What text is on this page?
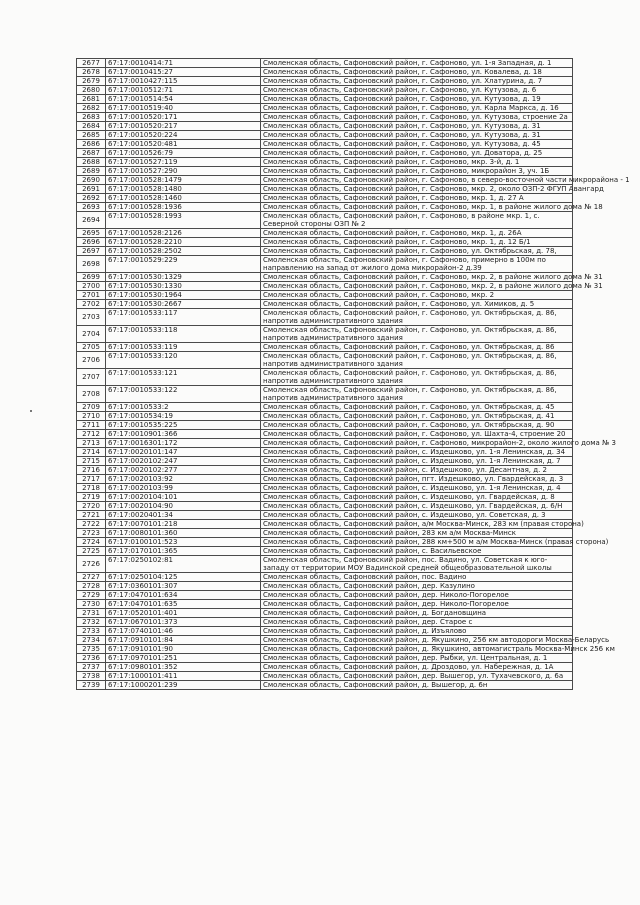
2677	67:17:0010414:71	Смоленская область, Сафоновский район, г. Сафоново, ул. 1-я Западная, д. 1
2678	67:17:0010415:27	Смоленская область, Сафоновский район, г. Сафоново, ул. Ковалева, д. 18
2679	67:17:0010427:115	Смоленская область, Сафоновский район, г. Сафоново, ул. Хлатурина, д. 7
2680	67:17:0010512:71	Смоленская область, Сафоновский район, г. Сафоново, ул. Кутузова, д. 6
2681	67:17:0010514:54	Смоленская область, Сафоновский район, г. Сафоново, ул. Кутузова, д. 19
2682	67:17:0010519:40	Смоленская область, Сафоновский район, г. Сафоново, ул. Карла Маркса, д. 16
2683	67:17:0010520:171	Смоленская область, Сафоновский район, г. Сафоново, ул. Кутузова, строение 2а
2684	67:17:0010520:217	Смоленская область, Сафоновский район, г. Сафоново, ул. Кутузова, д. 31
2685	67:17:0010520:224	Смоленская область, Сафоновский район, г. Сафоново, ул. Кутузова, д. 31
2686	67:17:0010520:481	Смоленская область, Сафоновский район, г. Сафоново, ул. Кутузова, д. 45
2687	67:17:0010526:79	Смоленская область, Сафоновский район, г. Сафоново, ул. Доватора, д. 25
2688	67:17:0010527:119	Смоленская область, Сафоновский район, г. Сафоново, мкр. 3-й, д. 1
2689	67:17:0010527:290	Смоленская область, Сафоновский район, г. Сафоново, микрорайон 3, уч. 1Б
2690	67:17:0010528:1479	Смоленская область, Сафоновский район, г. Сафоново, в северо-восточной части микрорайона - 1
2691	67:17:0010528:1480	Смоленская область, Сафоновский район, г. Сафоново, мкр. 2, около ОЗП-2 ФГУП Авангард
2692	67:17:0010528:1460	Смоленская область, Сафоновский район, г. Сафоново, мкр. 1, д. 27 А
2693	67:17:0010528:1936	Смоленская область, Сафоновский район, г. Сафоново, мкр. 1, в районе жилого дома № 18
2694	67:17:0010528:1993	Смоленская область, Сафоновский район, г. Сафоново, в районе мкр. 1, с. Северной стороны ОЗП № 2
2695	67:17:0010528:2126	Смоленская область, Сафоновский район, г. Сафоново, мкр. 1, д. 26А
2696	67:17:0010528:2210	Смоленская область, Сафоновский район, г. Сафоново, мкр. 1, д. 12 Б/1
2697	67:17:0010528:2502	Смоленская область, Сафоновский район, г. Сафоново, ул. Октябрьская, д. 78,
2698	67:17:0010529:229	Смоленская область, Сафоновский район, г. Сафоново, примерно в 100м по направлению на запад от жилого дома микрорайон-2 д.39
2699	67:17:0010530:1329	Смоленская область, Сафоновский район, г. Сафоново, мкр. 2, в районе жилого дома № 31
2700	67:17:0010530:1330	Смоленская область, Сафоновский район, г. Сафоново, мкр. 2, в районе жилого дома № 31
2701	67:17:0010530:1964	Смоленская область, Сафоновский район, г. Сафоново, мкр. 2
2702	67:17:0010530:2667	Смоленская область, Сафоновский район, г. Сафоново, ул. Химиков, д. 5
2703	67:17:0010533:117	Смоленская область, Сафоновский район, г. Сафоново, ул. Октябрьская, д. 86, напротив административного здания
2704	67:17:0010533:118	Смоленская область, Сафоновский район, г. Сафоново, ул. Октябрьская, д. 86, напротив административного здания
2705	67:17:0010533:119	Смоленская область, Сафоновский район, г. Сафоново, ул. Октябрьская, д. 86
2706	67:17:0010533:120	Смоленская область, Сафоновский район, г. Сафоново, ул. Октябрьская, д. 86, напротив административного здания
2707	67:17:0010533:121	Смоленская область, Сафоновский район, г. Сафоново, ул. Октябрьская, д. 86, напротив административного здания
2708	67:17:0010533:122	Смоленская область, Сафоновский район, г. Сафоново, ул. Октябрьская, д. 86, напротив административного здания
2709	67:17:0010533:2	Смоленская область, Сафоновский район, г. Сафоново, ул. Октябрьская, д. 45
2710	67:17:0010534:19	Смоленская область, Сафоновский район, г. Сафоново, ул. Октябрьская, д. 41
2711	67:17:0010535:225	Смоленская область, Сафоновский район, г. Сафоново, ул. Октябрьская, д. 90
2712	67:17:0010901:366	Смоленская область, Сафоновский район, г. Сафоново, ул. Шахта-4, строение 20
2713	67:17:0016301:172	Смоленская область, Сафоновский район, г. Сафоново, микрорайон-2, около жилого дома № 3
2714	67:17:0020101:147	Смоленская область, Сафоновский район, с. Издешково, ул. 1-я Ленинская, д. 34
2715	67:17:0020102:247	Смоленская область, Сафоновский район, с. Издешково, ул. 1-я Ленинская, д. 7
2716	67:17:0020102:277	Смоленская область, Сафоновский район, с. Издешково, ул. Десантная, д. 2
2717	67:17:0020103:92	Смоленская область, Сафоновский район, пгт. Издешково, ул. Гвардейская, д. 3
2718	67:17:0020103:99	Смоленская область, Сафоновский район, с. Издешково, ул. 1-я Ленинская, д. 4
2719	67:17:0020104:101	Смоленская область, Сафоновский район, с. Издешково, ул. Гвардейская, д. 8
2720	67:17:0020104:90	Смоленская область, Сафоновский район, с. Издешково, ул. Гвардейская, д. 6/Н
2721	67:17:0020401:34	Смоленская область, Сафоновский район, с. Издешково, ул. Советская, д. 3
2722	67:17:0070101:218	Смоленская область, Сафоновский район, а/м Москва-Минск, 283 км (правая сторона)
2723	67:17:0080101:360	Смоленская область, Сафоновский район, 283 км а/м Москва-Минск
2724	67:17:0100101:523	Смоленская область, Сафоновский район, 288 км+500 м а/м Москва-Минск (правая сторона)
2725	67:17:0170101:365	Смоленская область, Сафоновский район, с. Васильевское
2726	67:17:0250102:81	Смоленская область, Сафоновский район, пос. Вадино, ул. Советская к юго-западу от территории МОУ Вадинской средней общеобразовательной школы
2727	67:17:0250104:125	Смоленская область, Сафоновский район, пос. Вадино
2728	67:17:0360101:307	Смоленская область, Сафоновский район, дер. Казулино
2729	67:17:0470101:634	Смоленская область, Сафоновский район, дер. Николо-Погорелое
2730	67:17:0470101:635	Смоленская область, Сафоновский район, дер. Николо-Погорелое
2731	67:17:0520101:401	Смоленская область, Сафоновский район, д. Богдановщина
2732	67:17:0670101:373	Смоленская область, Сафоновский район, дер. Старое с
2733	67:17:0740101:46	Смоленская область, Сафоновский район, д. Изъялово
2734	67:17:0910101:84	Смоленская область, Сафоновский район, д. Якушкино, 256 км автодороги Москва-Беларусь
2735	67:17:0910101:90	Смоленская область, Сафоновский район, д. Якушкино, автомагистраль Москва-Минск 256 км
2736	67:17:0970101:251	Смоленская область, Сафоновский район, дер. Рыбки, ул. Центральная, д. 1
2737	67:17:0980101:352	Смоленская область, Сафоновский район, д. Дроздово, ул. Набережная, д. 1А
2738	67:17:1000101:411	Смоленская область, Сафоновский район, дер. Вышегор, ул. Тухачевского, д. 6а
2739	67:17:1000201:239	Смоленская область, Сафоновский район, д. Вышегор, д. 6н
